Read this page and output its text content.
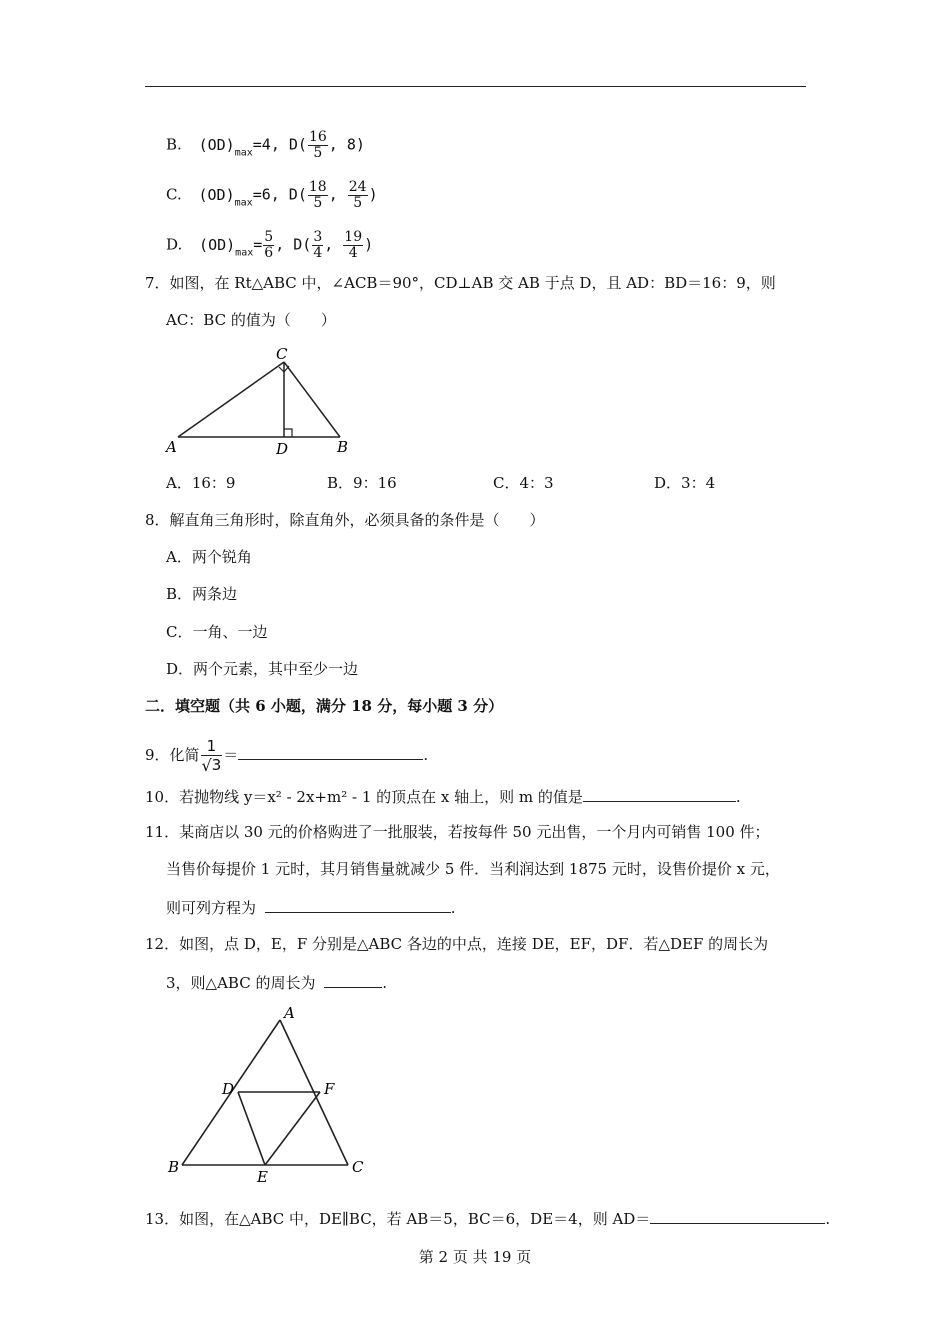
B. $(OD)_{max}=4$, $D( \frac{16}{5}$ , 8)
C. $(OD)_{max}=6$, $D( \frac{18}{5}$ , $\frac{24}{5}$ )
D. $(OD)_{max}= \frac{5}{6}$ , $D( \frac{3}{4}$ , $\frac{19}{4}$ )
7．如图，在 Rt△ABC 中，∠ACB＝90°，CD⊥AB 交 AB 于点 D，且 AD：BD＝16：9，则
AC：BC 的值为（　　）
A
C
D	B
A．16：9	B．9：16	C．4：3	D．3：4
8．解直角三角形时，除直角外，必须具备的条件是（　　）
A．两个锐角
B．两条边
C．一角、一边
D．两个元素，其中至少一边
二．填空题（共 6 小题，满分 18 分，每小题 3 分）
9．化简 $\frac{1}{√3}$ ＝	.
10．若抛物线 y＝x² - 2x+m² - 1 的顶点在 x 轴上，则 m 的值是	.
11．某商店以 30 元的价格购进了一批服装，若按每件 50 元出售，一个月内可销售 100 件；
当售价每提价 1 元时，其月销售量就减少 5 件．当利润达到 1875 元时，设售价提价 x 元，
则可列方程为	.
12．如图，点 D，E，F 分别是△ABC 各边的中点，连接 DE，EF，DF．若△DEF 的周长为
3，则△ABC 的周长为	.
A
D	F
B
E
C
13．如图，在△ABC 中，DE∥BC，若 AB＝5，BC＝6，DE＝4，则 AD＝	.
第 2 页 共 19 页
